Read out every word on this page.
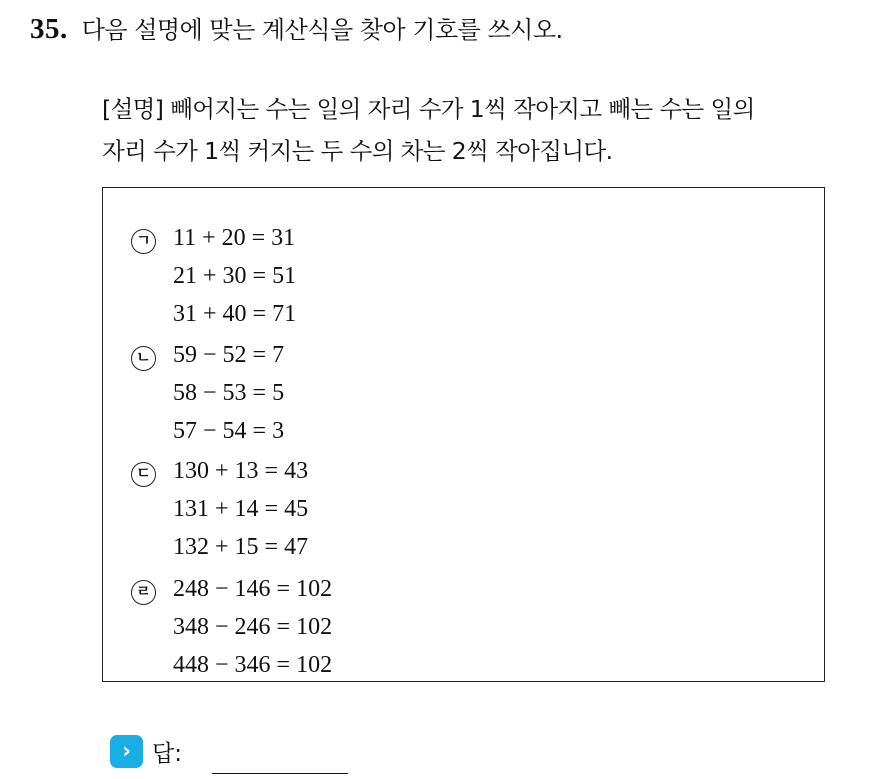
35. 다음 설명에 맞는 계산식을 찾아 기호를 쓰시오.
[설명] 빼어지는 수는 일의 자리 수가 1씩 작아지고 빼는 수는 일의
자리 수가 1씩 커지는 두 수의 차는 2씩 작아집니다.
ㄱ 11 + 20 = 31
21 + 30 = 51
31 + 40 = 71
ㄴ 59 − 52 = 7
58 − 53 = 5
57 − 54 = 3
ㄷ 130 + 13 = 43
131 + 14 = 45
132 + 15 = 47
ㄹ 248 − 146 = 102
348 − 246 = 102
448 − 346 = 102
› 답:
